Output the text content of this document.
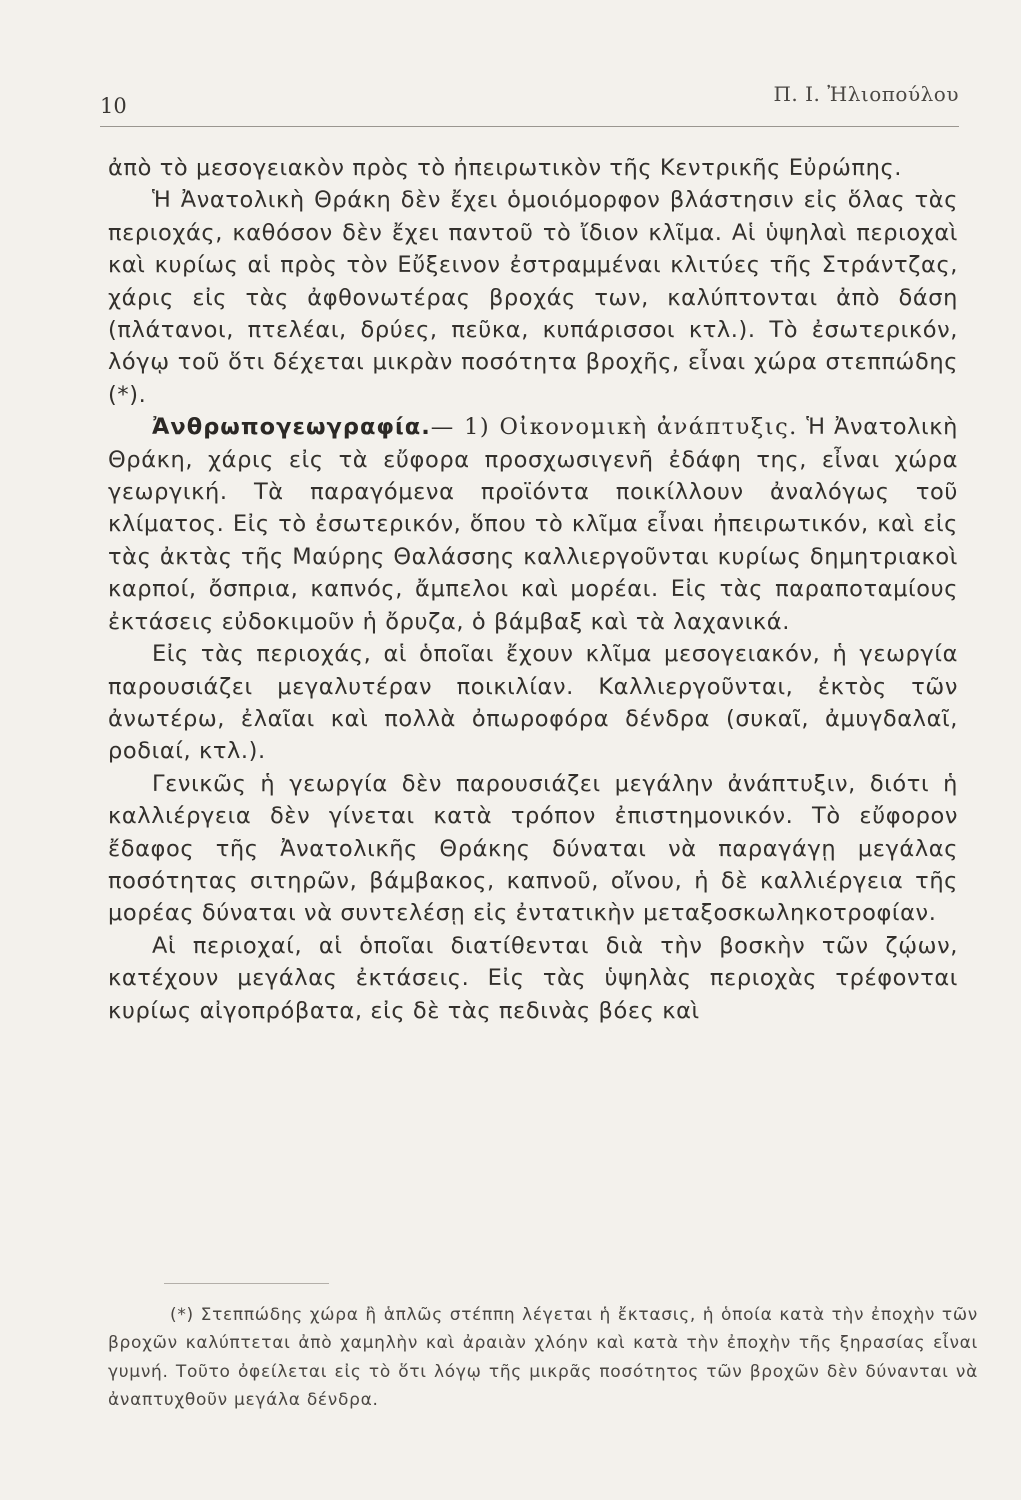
10	Π. Ι. Ἠλιοπούλου

ἀπὸ τὸ μεσογειακὸν πρὸς τὸ ἠπειρωτικὸν τῆς Κεντρικῆς Εὐρώπης.

Ἡ Ἀνατολικὴ Θράκη δὲν ἔχει ὁμοιόμορφον βλάστησιν εἰς ὅλας τὰς περιοχάς, καθόσον δὲν ἔχει παντοῦ τὸ ἴδιον κλῖμα. Αἱ ὑψηλαὶ περιοχαὶ καὶ κυρίως αἱ πρὸς τὸν Εὔξεινον ἐστραμμέναι κλιτύες τῆς Στράντζας, χάρις εἰς τὰς ἀφθονωτέρας βροχάς των, καλύπτονται ἀπὸ δάση (πλάτανοι, πτελέαι, δρύες, πεῦκα, κυπάρισσοι κτλ.). Τὸ ἐσωτερικόν, λόγῳ τοῦ ὅτι δέχεται μικρὰν ποσότητα βροχῆς, εἶναι χώρα στεππώδης (*).

Ἀνθρωπογεωγραφία.— 1) Οἰκονομικὴ ἀνάπτυξις. Ἡ Ἀνατολικὴ Θράκη, χάρις εἰς τὰ εὔφορα προσχωσιγενῆ ἐδάφη της, εἶναι χώρα γεωργική. Τὰ παραγόμενα προϊόντα ποικίλλουν ἀναλόγως τοῦ κλίματος. Εἰς τὸ ἐσωτερικόν, ὅπου τὸ κλῖμα εἶναι ἠπειρωτικόν, καὶ εἰς τὰς ἀκτὰς τῆς Μαύρης Θαλάσσης καλλιεργοῦνται κυρίως δημητριακοὶ καρποί, ὄσπρια, καπνός, ἄμπελοι καὶ μορέαι. Εἰς τὰς παραποταμίους ἐκτάσεις εὐδοκιμοῦν ἡ ὄρυζα, ὁ βάμβαξ καὶ τὰ λαχανικά.

Εἰς τὰς περιοχάς, αἱ ὁποῖαι ἔχουν κλῖμα μεσογειακόν, ἡ γεωργία παρουσιάζει μεγαλυτέραν ποικιλίαν. Καλλιεργοῦνται, ἐκτὸς τῶν ἀνωτέρω, ἐλαῖαι καὶ πολλὰ ὀπωροφόρα δένδρα (συκαῖ, ἀμυγδαλαῖ, ροδιαί, κτλ.).

Γενικῶς ἡ γεωργία δὲν παρουσιάζει μεγάλην ἀνάπτυξιν, διότι ἡ καλλιέργεια δὲν γίνεται κατὰ τρόπον ἐπιστημονικόν. Τὸ εὔφορον ἔδαφος τῆς Ἀνατολικῆς Θράκης δύναται νὰ παραγάγῃ μεγάλας ποσότητας σιτηρῶν, βάμβακος, καπνοῦ, οἴνου, ἡ δὲ καλλιέργεια τῆς μορέας δύναται νὰ συντελέσῃ εἰς ἐντατικὴν μεταξοσκωληκοτροφίαν.

Αἱ περιοχαί, αἱ ὁποῖαι διατίθενται διὰ τὴν βοσκὴν τῶν ζῴων, κατέχουν μεγάλας ἐκτάσεις. Εἰς τὰς ὑψηλὰς περιοχὰς τρέφονται κυρίως αἰγοπρόβατα, εἰς δὲ τὰς πεδινὰς βόες καὶ

(*) Στεππώδης χώρα ἢ ἁπλῶς στέππη λέγεται ἡ ἔκτασις, ἡ ὁποία κατὰ τὴν ἐποχὴν τῶν βροχῶν καλύπτεται ἀπὸ χαμηλὴν καὶ ἀραιὰν χλόην καὶ κατὰ τὴν ἐποχὴν τῆς ξηρασίας εἶναι γυμνή. Τοῦτο ὀφείλεται εἰς τὸ ὅτι λόγῳ τῆς μικρᾶς ποσότητος τῶν βροχῶν δὲν δύνανται νὰ ἀναπτυχθοῦν μεγάλα δένδρα.
